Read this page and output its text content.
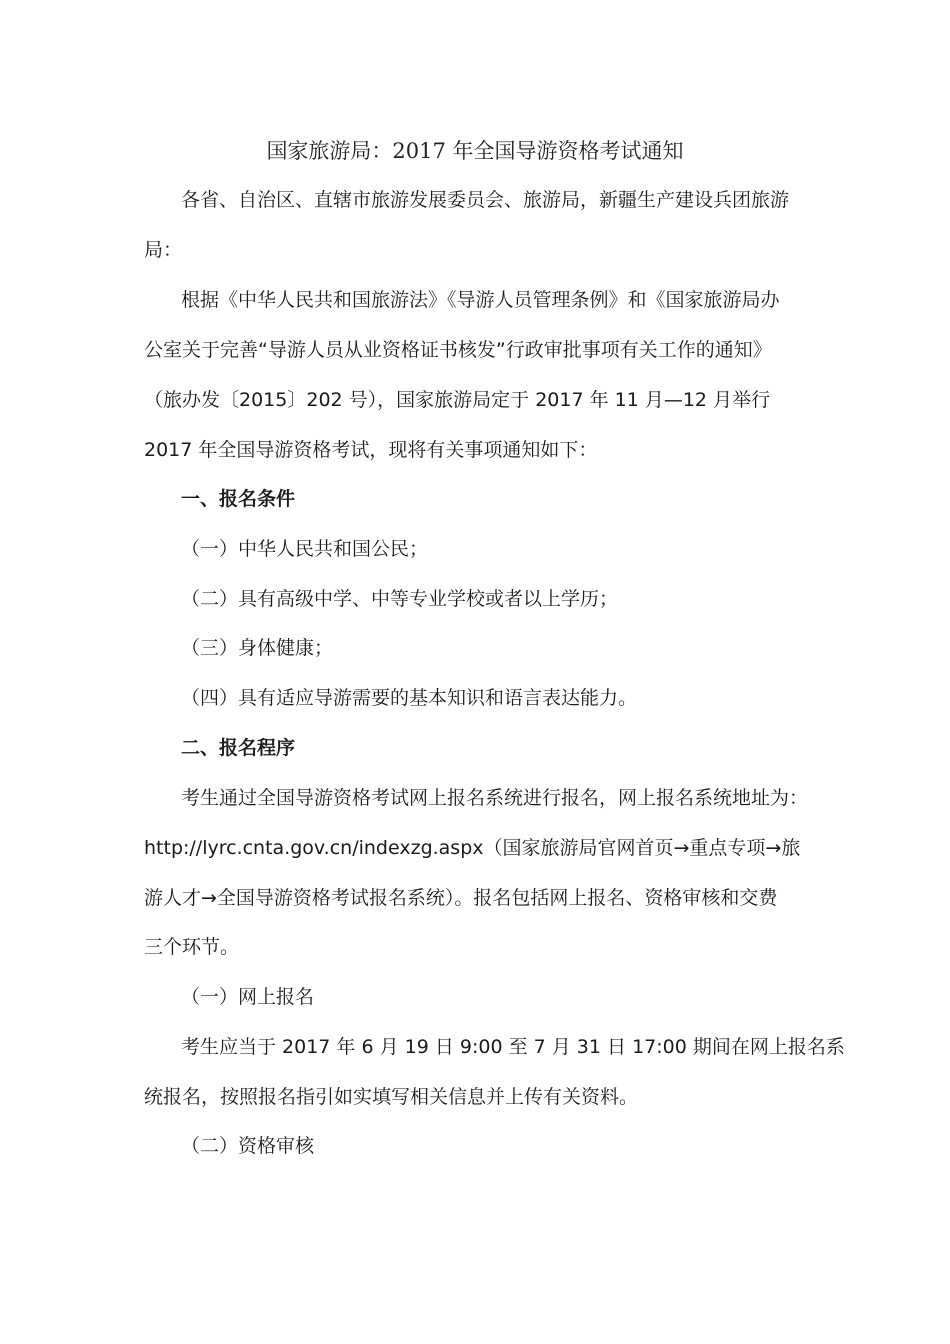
国家旅游局：2017 年全国导游资格考试通知
各省、自治区、直辖市旅游发展委员会、旅游局，新疆生产建设兵团旅游
局：
根据《中华人民共和国旅游法》《导游人员管理条例》和《国家旅游局办
公室关于完善“导游人员从业资格证书核发”行政审批事项有关工作的通知》
（旅办发〔2015〕202 号），国家旅游局定于 2017 年 11 月—12 月举行
2017 年全国导游资格考试，现将有关事项通知如下：
一、报名条件
（一）中华人民共和国公民；
（二）具有高级中学、中等专业学校或者以上学历；
（三）身体健康；
（四）具有适应导游需要的基本知识和语言表达能力。
二、报名程序
考生通过全国导游资格考试网上报名系统进行报名，网上报名系统地址为：
http://lyrc.cnta.gov.cn/indexzg.aspx（国家旅游局官网首页→重点专项→旅
游人才→全国导游资格考试报名系统）。报名包括网上报名、资格审核和交费
三个环节。
（一）网上报名
考生应当于 2017 年 6 月 19 日 9:00 至 7 月 31 日 17:00 期间在网上报名系
统报名，按照报名指引如实填写相关信息并上传有关资料。
（二）资格审核
